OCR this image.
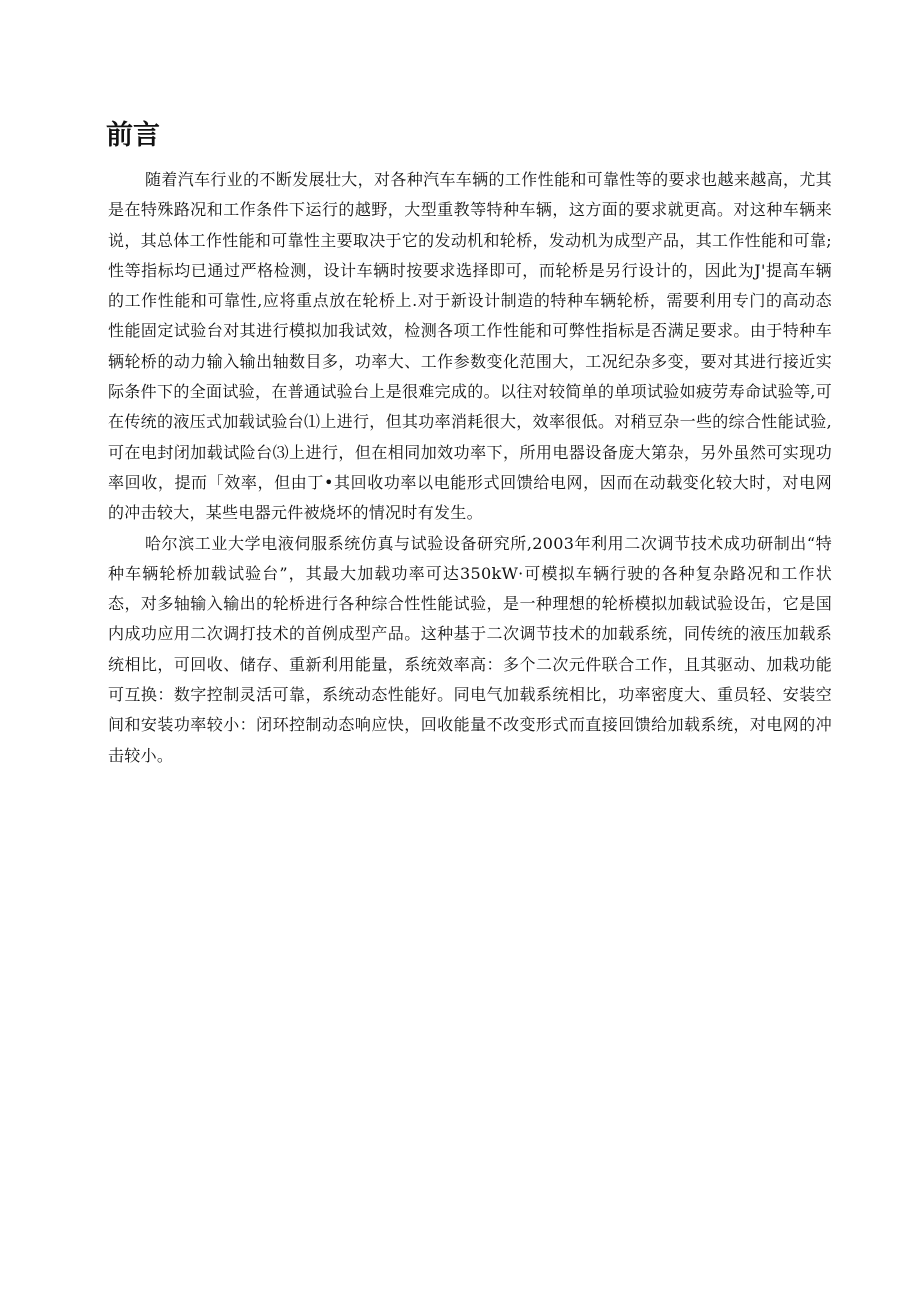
前言

随着汽车行业的不断发展壮大，对各种汽车车辆的工作性能和可靠性等的要求也越来越高，尤其是在特殊路况和工作条件下运行的越野，大型重教等特种车辆，这方面的要求就更高。对这种车辆来说，其总体工作性能和可靠性主要取决于它的发动机和轮桥，发动机为成型产品，其工作性能和可靠;性等指标均已通过严格检测，设计车辆时按要求选择即可，而轮桥是另行设计的，因此为J'提高车辆的工作性能和可靠性,应将重点放在轮桥上.对于新设计制造的特种车辆轮桥，需要利用专门的高动态性能固定试验台对其进行模拟加我试效，检测各项工作性能和可弊性指标是否满足要求。由于特种车辆轮桥的动力输入输出轴数目多，功率大、工作参数变化范围大，工况纪杂多变，要对其进行接近实际条件下的全面试验，在普通试验台上是很难完成的。以往对较简单的单项试验如疲劳寿命试验等,可在传统的液压式加载试验台⑴上进行，但其功率消耗很大，效率很低。对稍豆杂一些的综合性能试验,可在电封闭加载试险台⑶上进行，但在相同加效功率下，所用电器设备庞大第杂，另外虽然可实现功率回收，提而「效率，但由丁•其回收功率以电能形式回馈给电网，因而在动载变化较大时，对电网的冲击较大，某些电器元件被烧坏的情况时有发生。

哈尔滨工业大学电液伺服系统仿真与试验设备研究所,2003年利用二次调节技术成功研制出“特种车辆轮桥加载试验台”，其最大加载功率可达350kW·可模拟车辆行驶的各种复杂路况和工作状态，对多轴输入输出的轮桥进行各种综合性性能试验，是一种理想的轮桥模拟加载试验设缶，它是国内成功应用二次调打技术的首例成型产品。这种基于二次调节技术的加载系统，同传统的液压加载系统相比，可回收、储存、重新利用能量，系统效率高：多个二次元件联合工作，且其驱动、加栽功能可互换：数字控制灵活可靠，系统动态性能好。同电气加载系统相比，功率密度大、重员轻、安装空间和安装功率较小：闭环控制动态响应快，回收能量不改变形式而直接回馈给加载系统，对电网的冲击较小。
